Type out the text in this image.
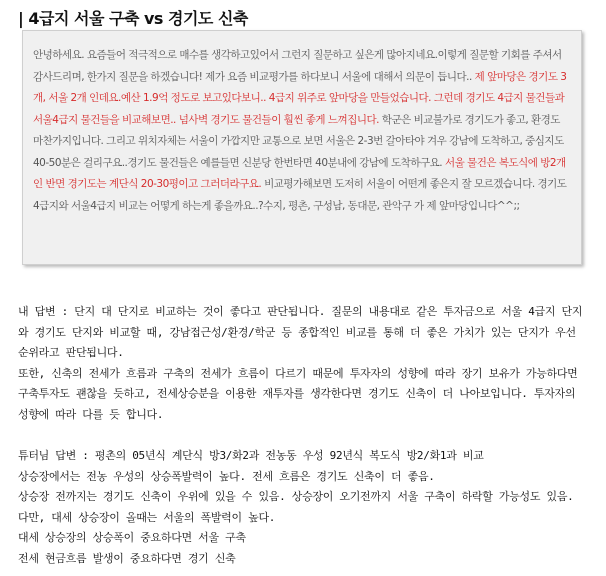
| 4급지 서울 구축 vs 경기도 신축
안녕하세요. 요즘들어 적극적으로 매수를 생각하고있어서 그런지 질문하고 싶은게 많아지네요.이렇게 질문할 기회를 주셔서 감사드리며, 한가지 질문을 하겠습니다! 제가 요즘 비교평가를 하다보니 서울에 대해서 의문이 듭니다.. 제 앞마당은 경기도 3개, 서울 2개 인데요.예산 1.9억 정도로 보고있다보니.. 4급지 위주로 앞마당을 만들었습니다. 그런데 경기도 4급지 물건들과 서울4급지 물건들을 비교해보면.. 넘사벽 경기도 물건들이 훨씬 좋게 느껴집니다. 학군은 비교불가로 경기도가 좋고, 환경도 마찬가지입니다. 그리고 위치자체는 서울이 가깝지만 교통으로 보면 서울은 2-3번 갈아타야 겨우 강남에 도착하고, 중심지도 40-50분은 걸리구요..경기도 물건들은 예를들면 신분당 한번타면 40분내에 강남에 도착하구요. 서울 물건은 복도식에 방2개인 반면 경기도는 계단식 20-30평이고 그러더라구요. 비교평가해보면 도저히 서울이 어떤게 좋은지 잘 모르겠습니다. 경기도 4급지와 서울4급지 비교는 어떻게 하는게 좋을까요..?수지, 평촌, 구성남, 동대문, 관악구 가 제 앞마당입니다^^;;

내 답변 : 단지 대 단지로 비교하는 것이 좋다고 판단됩니다. 질문의 내용대로 같은 투자금으로 서울 4급지 단지와 경기도 단지와 비교할 때, 강남접근성/환경/학군 등 종합적인 비교를 통해 더 좋은 가치가 있는 단지가 우선순위라고 판단됩니다.

또한, 신축의 전세가 흐름과 구축의 전세가 흐름이 다르기 때문에 투자자의 성향에 따라 장기 보유가 가능하다면 구축투자도 괜찮을 듯하고, 전세상승분을 이용한 재투자를 생각한다면 경기도 신축이 더 나아보입니다. 투자자의 성향에 따라 다를 듯 합니다.

튜터님 답변 : 평촌의 05년식 계단식 방3/화2과 전농동 우성 92년식 복도식 방2/화1과 비교

상승장에서는 전농 우성의 상승폭발력이 높다. 전세 흐름은 경기도 신축이 더 좋음.

상승장 전까지는 경기도 신축이 우위에 있을 수 있음. 상승장이 오기전까지 서울 구축이 하락할 가능성도 있음. 다만, 대세 상승장이 올때는 서울의 폭발력이 높다.

대세 상승장의 상승폭이 중요하다면 서울 구축

전세 현금흐름 발생이 중요하다면 경기 신축
